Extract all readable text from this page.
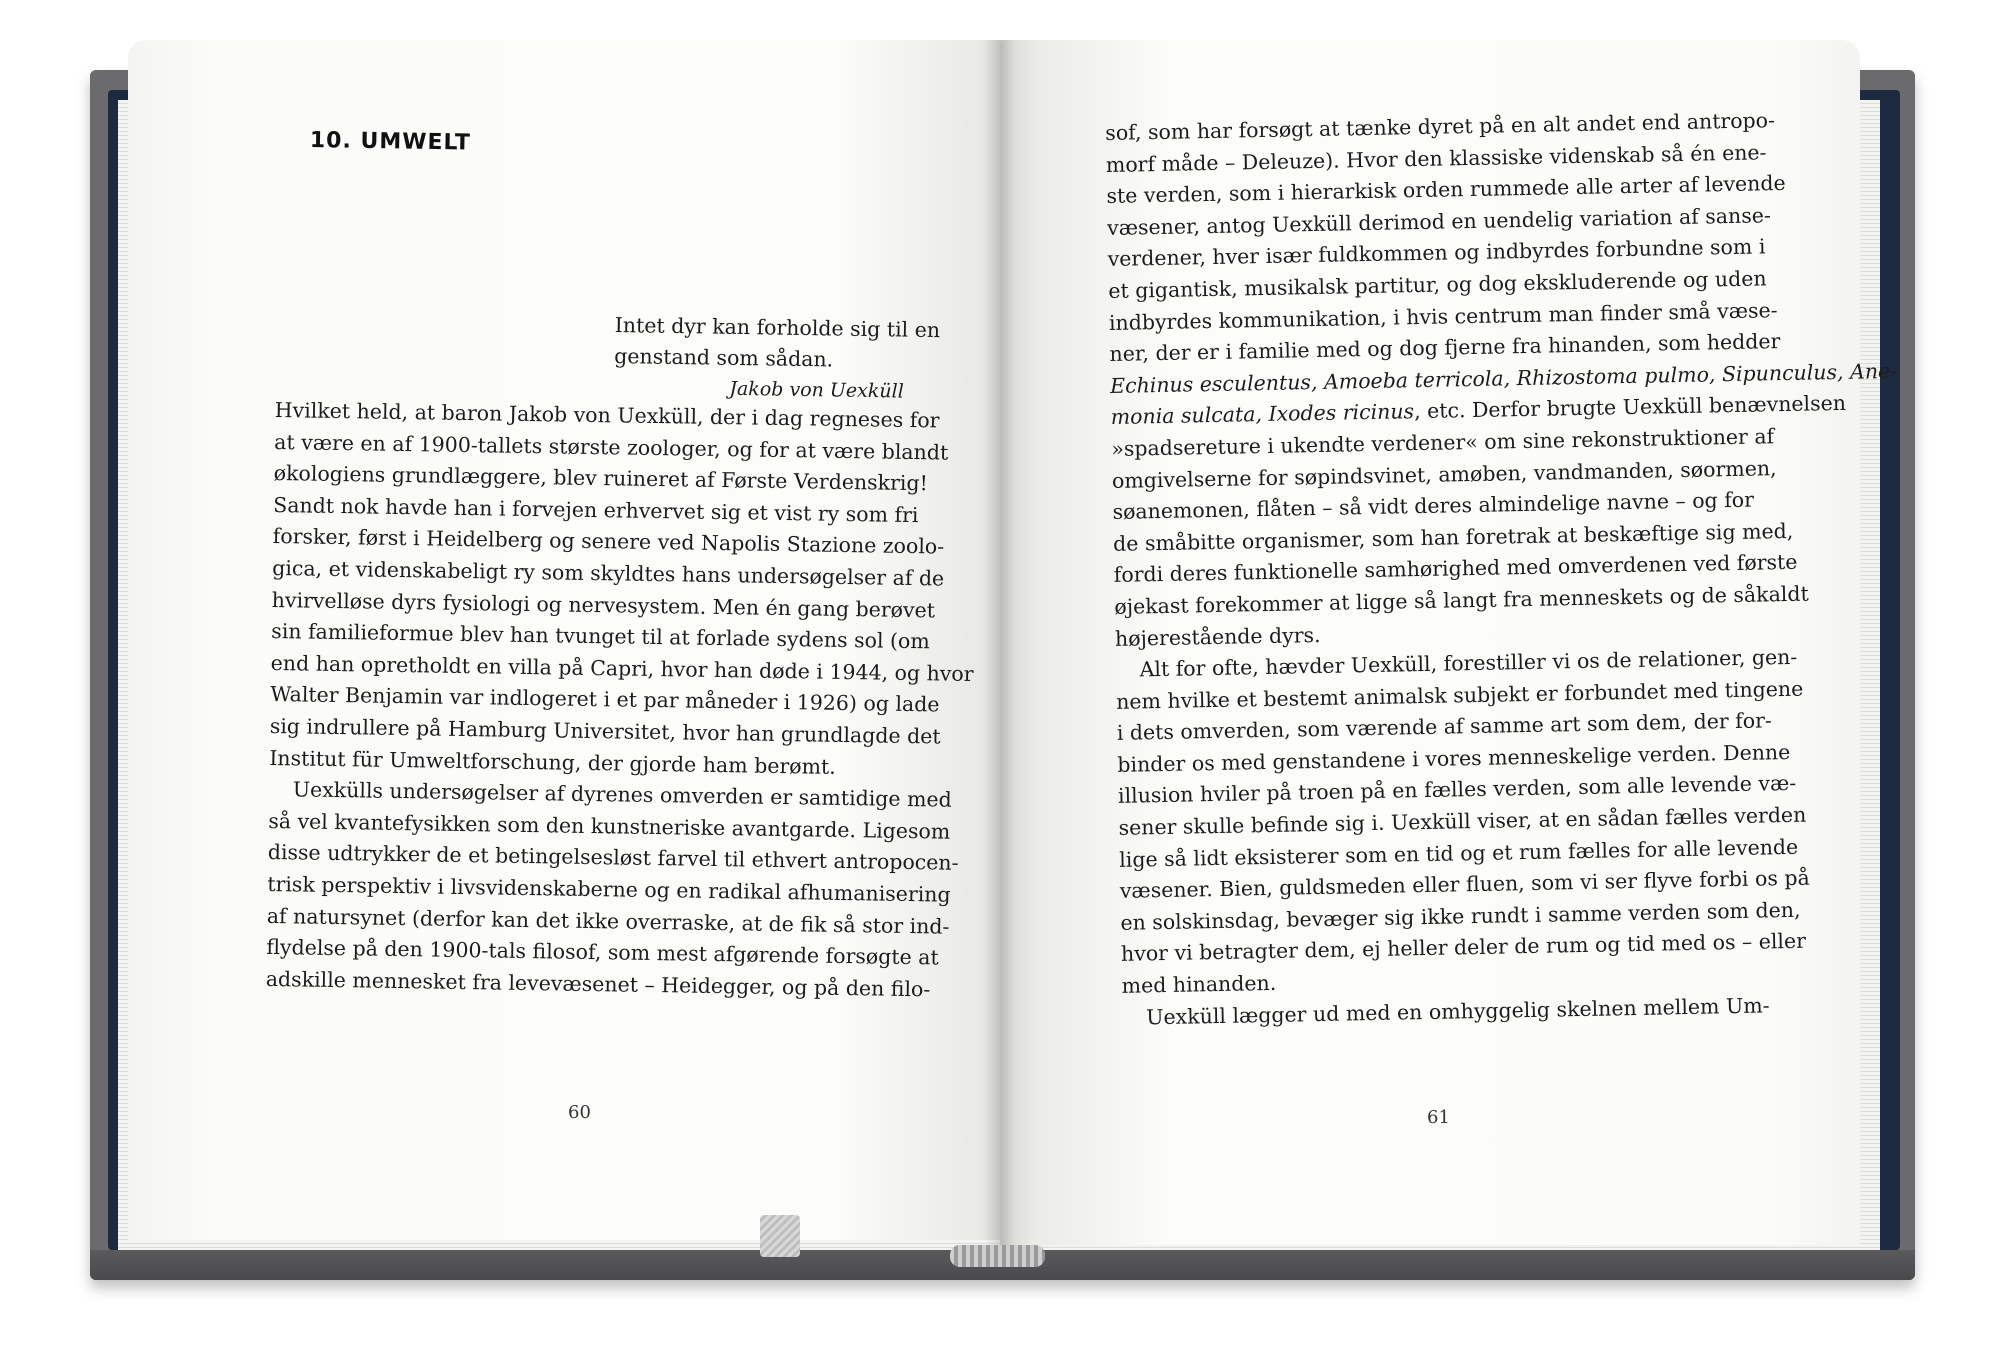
10. UMWELT
Intet dyr kan forholde sig til en
genstand som sådan.
Jakob von Uexküll
Hvilket held, at baron Jakob von Uexküll, der i dag regneses for
at være en af 1900-tallets største zoologer, og for at være blandt
økologiens grundlæggere, blev ruineret af Første Verdenskrig!
Sandt nok havde han i forvejen erhvervet sig et vist ry som fri
forsker, først i Heidelberg og senere ved Napolis Stazione zoolo-
gica, et videnskabeligt ry som skyldtes hans undersøgelser af de
hvirvelløse dyrs fysiologi og nervesystem. Men én gang berøvet
sin familieformue blev han tvunget til at forlade sydens sol (om
end han opretholdt en villa på Capri, hvor han døde i 1944, og hvor
Walter Benjamin var indlogeret i et par måneder i 1926) og lade
sig indrullere på Hamburg Universitet, hvor han grundlagde det
Institut für Umweltforschung, der gjorde ham berømt.
Uexkülls undersøgelser af dyrenes omverden er samtidige med
så vel kvantefysikken som den kunstneriske avantgarde. Ligesom
disse udtrykker de et betingelsesløst farvel til ethvert antropocen-
trisk perspektiv i livsvidenskaberne og en radikal afhumanisering
af natursynet (derfor kan det ikke overraske, at de fik så stor ind-
flydelse på den 1900-tals filosof, som mest afgørende forsøgte at
adskille mennesket fra levevæsenet – Heidegger, og på den filo-
sof, som har forsøgt at tænke dyret på en alt andet end antropo-
morf måde – Deleuze). Hvor den klassiske videnskab så én ene-
ste verden, som i hierarkisk orden rummede alle arter af levende
væsener, antog Uexküll derimod en uendelig variation af sanse-
verdener, hver især fuldkommen og indbyrdes forbundne som i
et gigantisk, musikalsk partitur, og dog ekskluderende og uden
indbyrdes kommunikation, i hvis centrum man finder små væse-
ner, der er i familie med og dog fjerne fra hinanden, som hedder
Echinus esculentus, Amoeba terricola, Rhizostoma pulmo, Sipunculus, Ane-
monia sulcata, Ixodes ricinus, etc. Derfor brugte Uexküll benævnelsen
»spadsereture i ukendte verdener« om sine rekonstruktioner af
omgivelserne for søpindsvinet, amøben, vandmanden, søormen,
søanemonen, flåten – så vidt deres almindelige navne – og for
de småbitte organismer, som han foretrak at beskæftige sig med,
fordi deres funktionelle samhørighed med omverdenen ved første
øjekast forekommer at ligge så langt fra menneskets og de såkaldt
højerestående dyrs.
Alt for ofte, hævder Uexküll, forestiller vi os de relationer, gen-
nem hvilke et bestemt animalsk subjekt er forbundet med tingene
i dets omverden, som værende af samme art som dem, der for-
binder os med genstandene i vores menneskelige verden. Denne
illusion hviler på troen på en fælles verden, som alle levende væ-
sener skulle befinde sig i. Uexküll viser, at en sådan fælles verden
lige så lidt eksisterer som en tid og et rum fælles for alle levende
væsener. Bien, guldsmeden eller fluen, som vi ser flyve forbi os på
en solskinsdag, bevæger sig ikke rundt i samme verden som den,
hvor vi betragter dem, ej heller deler de rum og tid med os – eller
med hinanden.
Uexküll lægger ud med en omhyggelig skelnen mellem Um-
60	61
